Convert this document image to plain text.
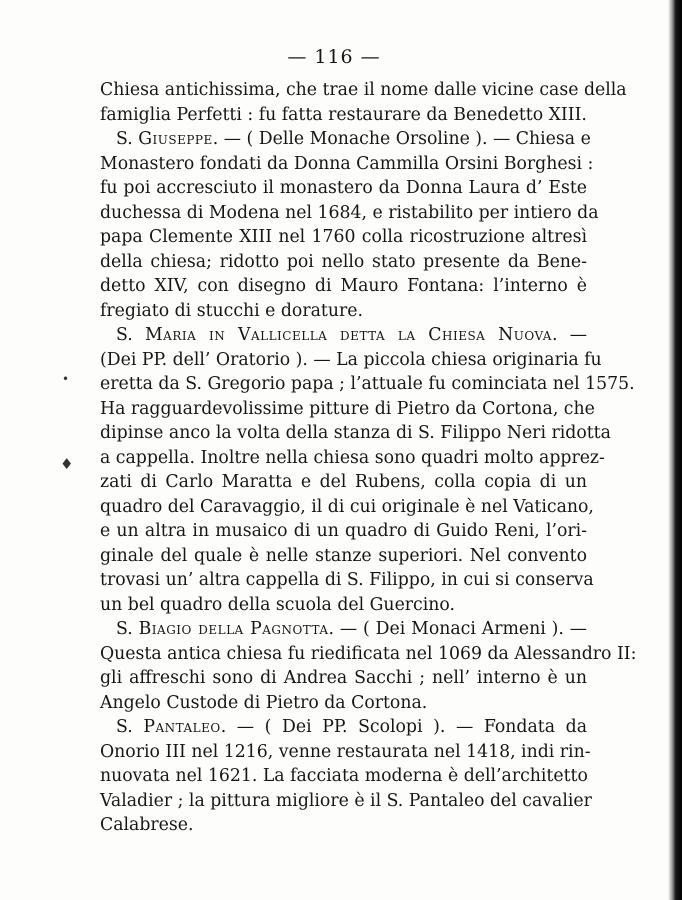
— 116 —
Chiesa antichissima, che trae il nome dalle vicine case della
famiglia Perfetti : fu fatta restaurare da Benedetto XIII.
S. Giuseppe. — ( Delle Monache Orsoline ). — Chiesa e
Monastero fondati da Donna Cammilla Orsini Borghesi :
fu poi accresciuto il monastero da Donna Laura d’ Este
duchessa di Modena nel 1684, e ristabilito per intiero da
papa Clemente XIII nel 1760 colla ricostruzione altresì
della chiesa; ridotto poi nello stato presente da Bene-
detto XIV, con disegno di Mauro Fontana: l’interno è
fregiato di stucchi e dorature.
S. Maria in Vallicella detta la Chiesa Nuova. —
(Dei PP. dell’ Oratorio ). — La piccola chiesa originaria fu
eretta da S. Gregorio papa ; l’attuale fu cominciata nel 1575.
Ha ragguardevolissime pitture di Pietro da Cortona, che
dipinse anco la volta della stanza di S. Filippo Neri ridotta
a cappella. Inoltre nella chiesa sono quadri molto apprez-
zati di Carlo Maratta e del Rubens, colla copia di un
quadro del Caravaggio, il di cui originale è nel Vaticano,
e un altra in musaico di un quadro di Guido Reni, l’ori-
ginale del quale è nelle stanze superiori. Nel convento
trovasi un’ altra cappella di S. Filippo, in cui si conserva
un bel quadro della scuola del Guercino.
S. Biagio della Pagnotta. — ( Dei Monaci Armeni ). —
Questa antica chiesa fu riedificata nel 1069 da Alessandro II:
gli affreschi sono di Andrea Sacchi ; nell’ interno è un
Angelo Custode di Pietro da Cortona.
S. Pantaleo. — ( Dei PP. Scolopi ). — Fondata da
Onorio III nel 1216, venne restaurata nel 1418, indi rin-
nuovata nel 1621. La facciata moderna è dell’architetto
Valadier ; la pittura migliore è il S. Pantaleo del cavalier
Calabrese.
•
♦
